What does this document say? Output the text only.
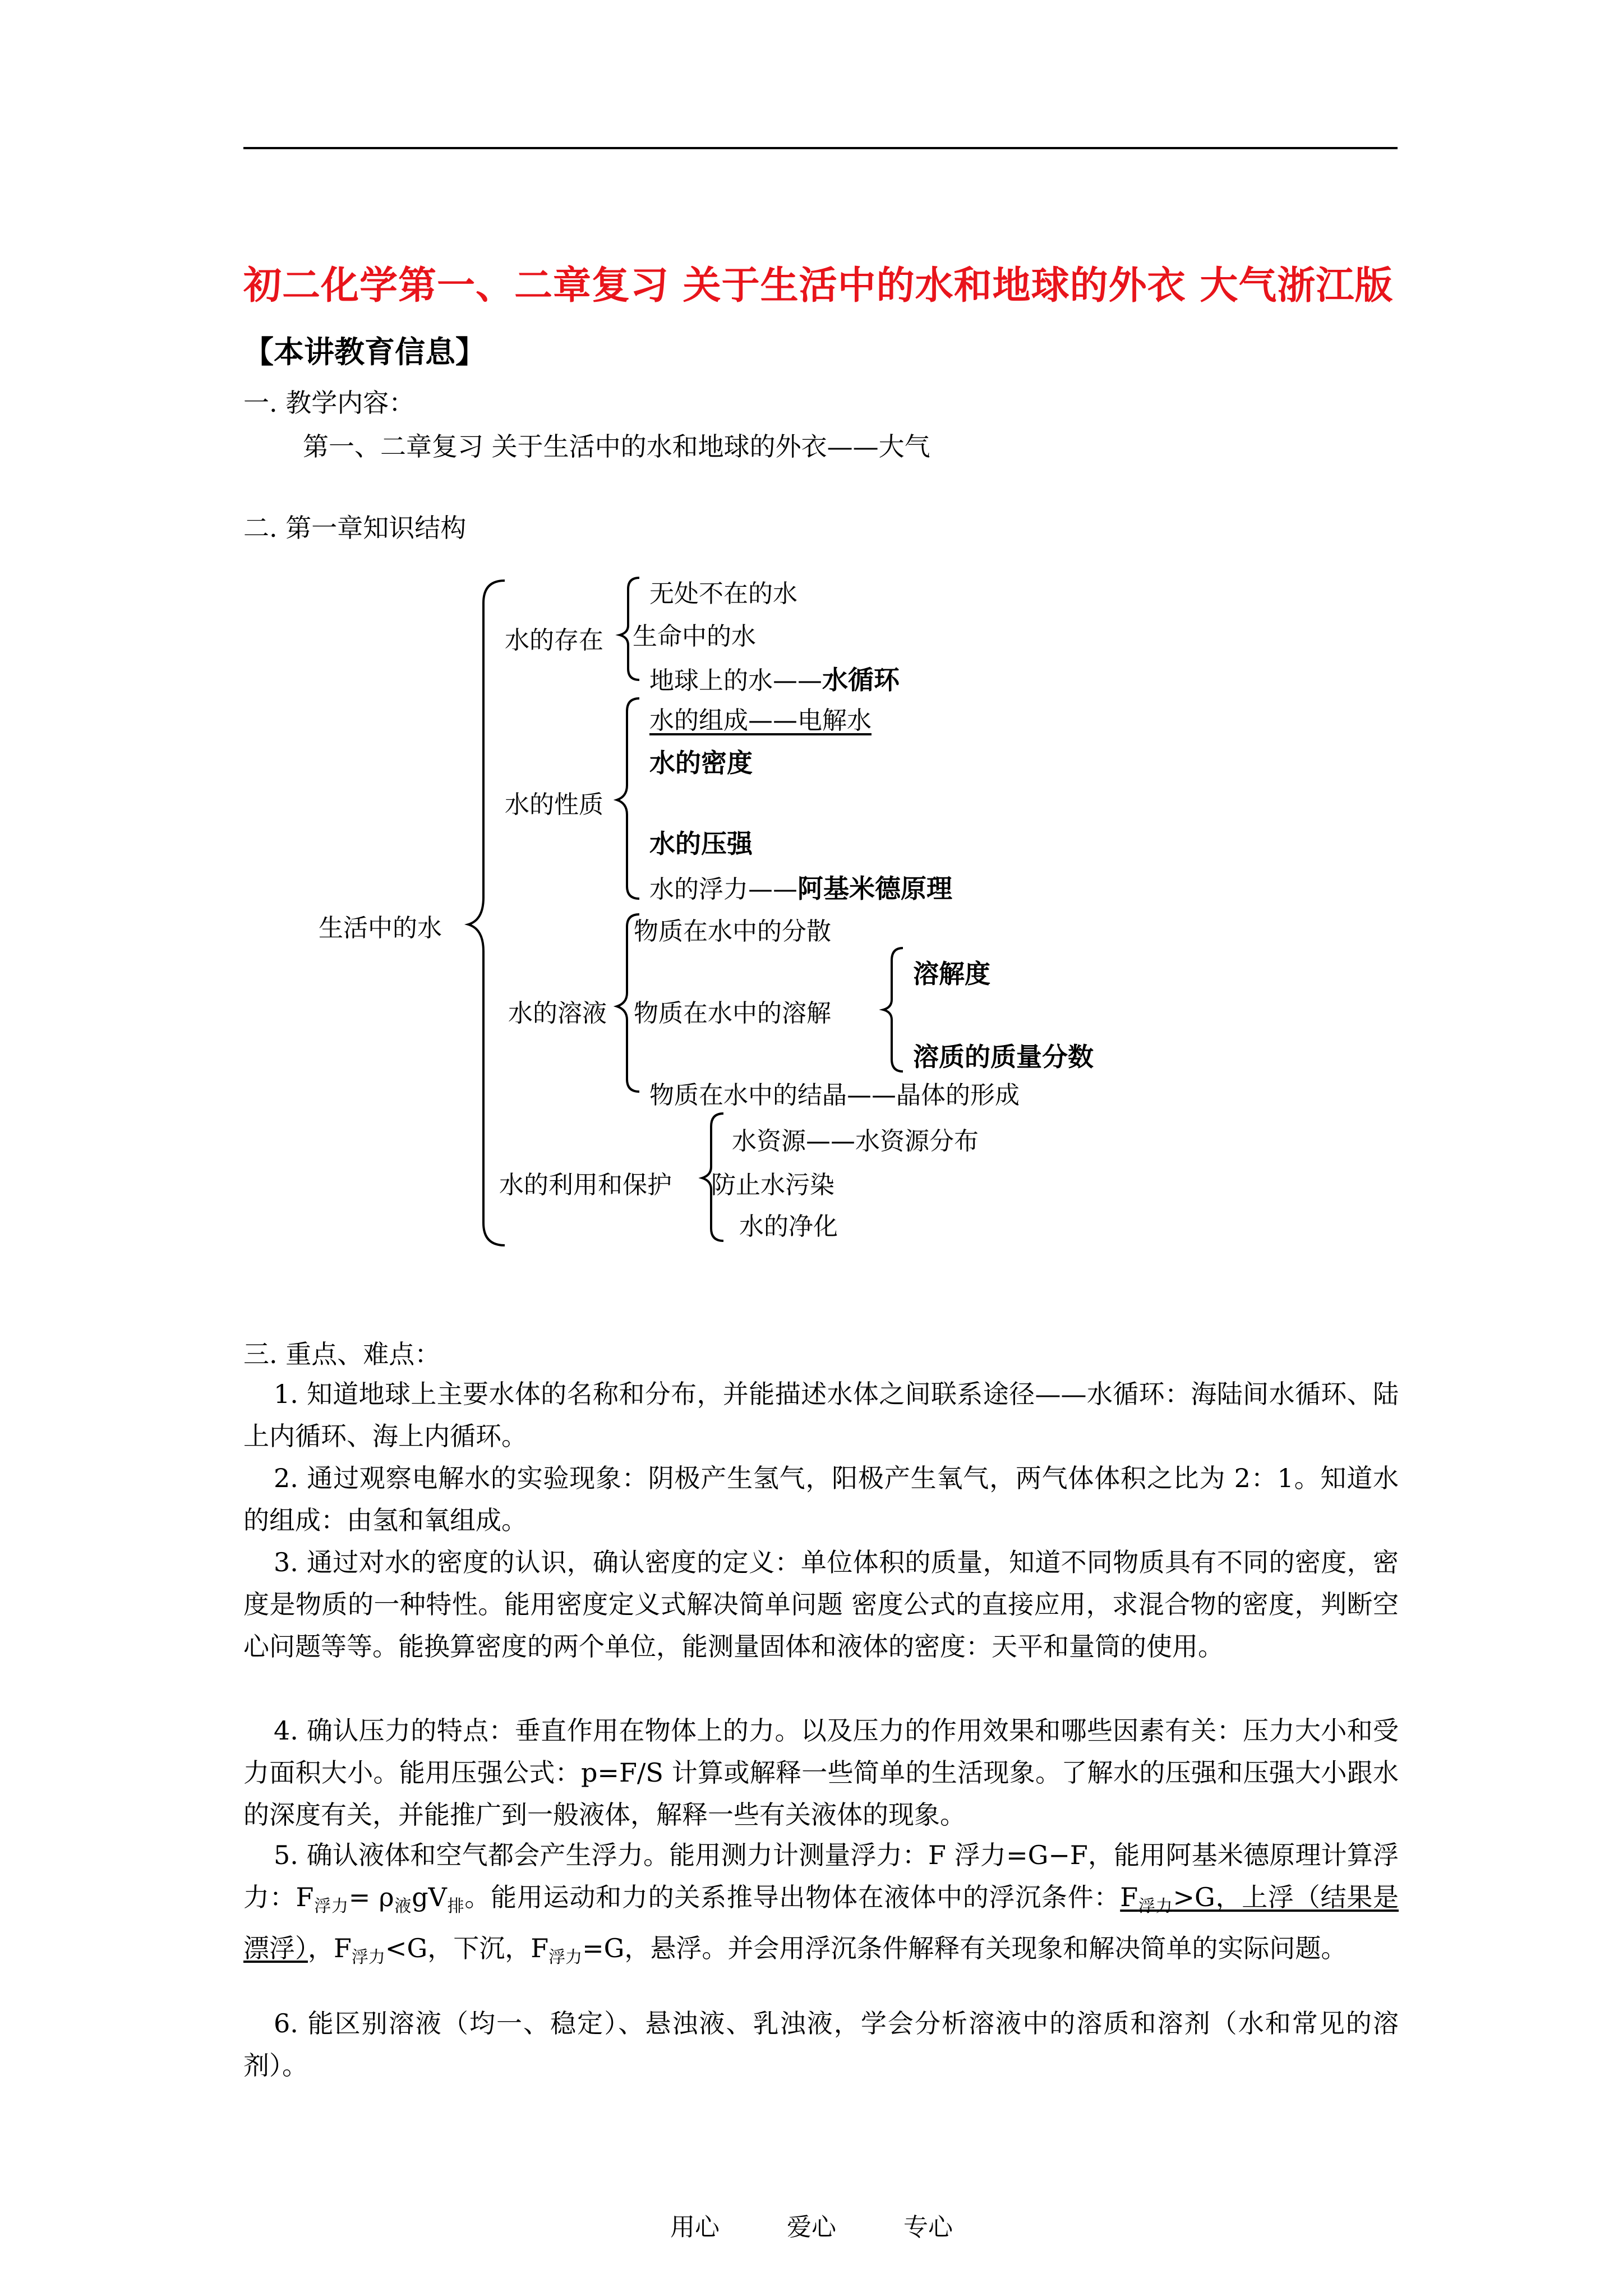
初二化学第一、二章复习 关于生活中的水和地球的外衣 大气浙江版
【本讲教育信息】
一. 教学内容：
第一、二章复习 关于生活中的水和地球的外衣——大气
二. 第一章知识结构
生活中的水
水的存在
无处不在的水
生命中的水
地球上的水——水循环
水的性质
水的组成——电解水
水的密度
水的压强
水的浮力——阿基米德原理
水的溶液
物质在水中的分散
物质在水中的溶解
溶解度
溶质的质量分数
物质在水中的结晶——晶体的形成
水的利用和保护
水资源——水资源分布
防止水污染
水的净化
三. 重点、难点：
1. 知道地球上主要水体的名称和分布，并能描述水体之间联系途径——水循环：海陆间水循环、陆上内循环、海上内循环。
2. 通过观察电解水的实验现象：阴极产生氢气，阳极产生氧气，两气体体积之比为 2：1。知道水的组成：由氢和氧组成。
3. 通过对水的密度的认识，确认密度的定义：单位体积的质量，知道不同物质具有不同的密度，密度是物质的一种特性。能用密度定义式解决简单问题 密度公式的直接应用，求混合物的密度，判断空心问题等等。能换算密度的两个单位，能测量固体和液体的密度：天平和量筒的使用。
4. 确认压力的特点：垂直作用在物体上的力。以及压力的作用效果和哪些因素有关：压力大小和受力面积大小。能用压强公式：p=F/S 计算或解释一些简单的生活现象。了解水的压强和压强大小跟水的深度有关，并能推广到一般液体，解释一些有关液体的现象。
5. 确认液体和空气都会产生浮力。能用测力计测量浮力：F 浮力=G−F，能用阿基米德原理计算浮力：$F_{浮力}= \rho_液gV_排$。能用运动和力的关系推导出物体在液体中的浮沉条件：$F_{浮力}>G$，上浮（结果是漂浮），$F_{浮力}<G$，下沉，$F_{浮力}=G$，悬浮。并会用浮沉条件解释有关现象和解决简单的实际问题。
6. 能区别溶液（均一、稳定）、悬浊液、乳浊液，学会分析溶液中的溶质和溶剂（水和常见的溶剂）。
用心	爱心	专心
